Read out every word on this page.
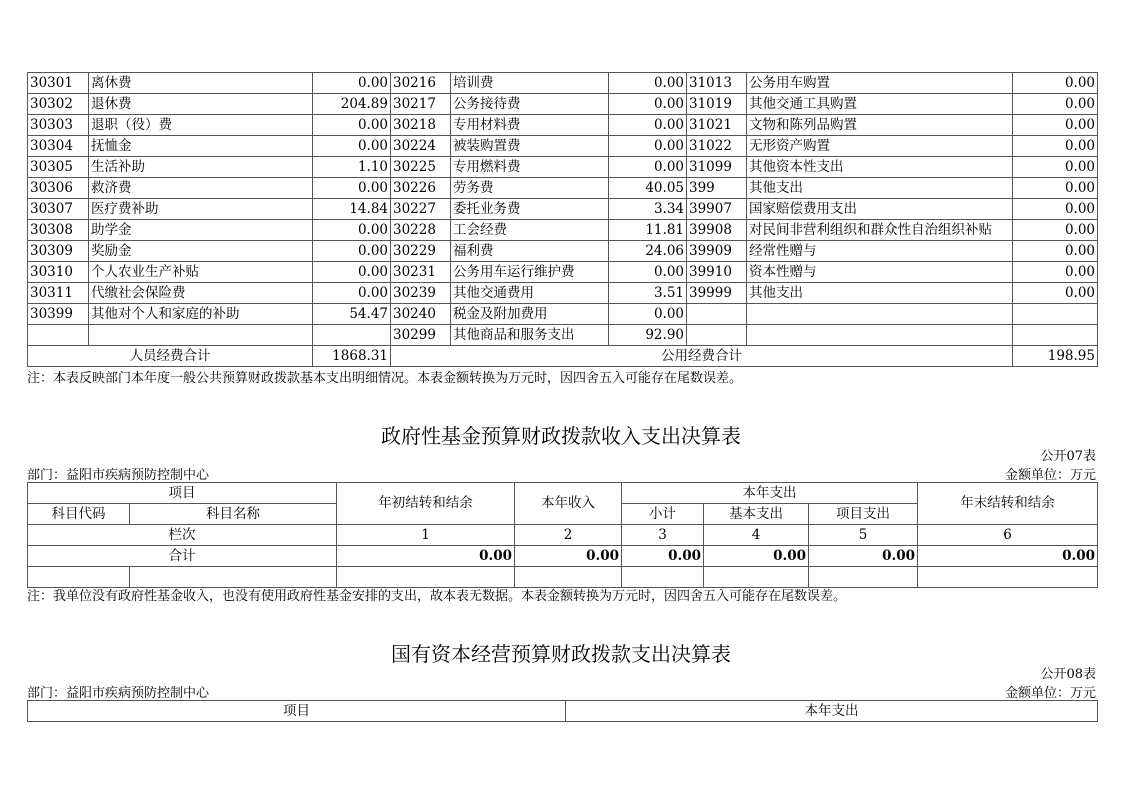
30301	离休费	0.00	30216	培训费	0.00	31013	公务用车购置	0.00
30302	退休费	204.89	30217	公务接待费	0.00	31019	其他交通工具购置	0.00
30303	退职（役）费	0.00	30218	专用材料费	0.00	31021	文物和陈列品购置	0.00
30304	抚恤金	0.00	30224	被装购置费	0.00	31022	无形资产购置	0.00
30305	生活补助	1.10	30225	专用燃料费	0.00	31099	其他资本性支出	0.00
30306	救济费	0.00	30226	劳务费	40.05	399	其他支出	0.00
30307	医疗费补助	14.84	30227	委托业务费	3.34	39907	国家赔偿费用支出	0.00
30308	助学金	0.00	30228	工会经费	11.81	39908	对民间非营利组织和群众性自治组织补贴	0.00
30309	奖励金	0.00	30229	福利费	24.06	39909	经常性赠与	0.00
30310	个人农业生产补贴	0.00	30231	公务用车运行维护费	0.00	39910	资本性赠与	0.00
30311	代缴社会保险费	0.00	30239	其他交通费用	3.51	39999	其他支出	0.00
30399	其他对个人和家庭的补助	54.47	30240	税金及附加费用	0.00			
			30299	其他商品和服务支出	92.90			
人员经费合计		1868.31	公用经费合计					198.95
注：本表反映部门本年度一般公共预算财政拨款基本支出明细情况。本表金额转换为万元时，因四舍五入可能存在尾数误差。
政府性基金预算财政拨款收入支出决算表
公开07表
部门：益阳市疾病预防控制中心	金额单位：万元
项目		年初结转和结余	本年收入	本年支出			年末结转和结余
科目代码	科目名称			小计	基本支出	项目支出	
栏次		1	2	3	4	5	6
合计		0.00	0.00	0.00	0.00	0.00	0.00

注：我单位没有政府性基金收入，也没有使用政府性基金安排的支出，故本表无数据。本表金额转换为万元时，因四舍五入可能存在尾数误差。
国有资本经营预算财政拨款支出决算表
公开08表
部门：益阳市疾病预防控制中心	金额单位：万元
项目	本年支出
